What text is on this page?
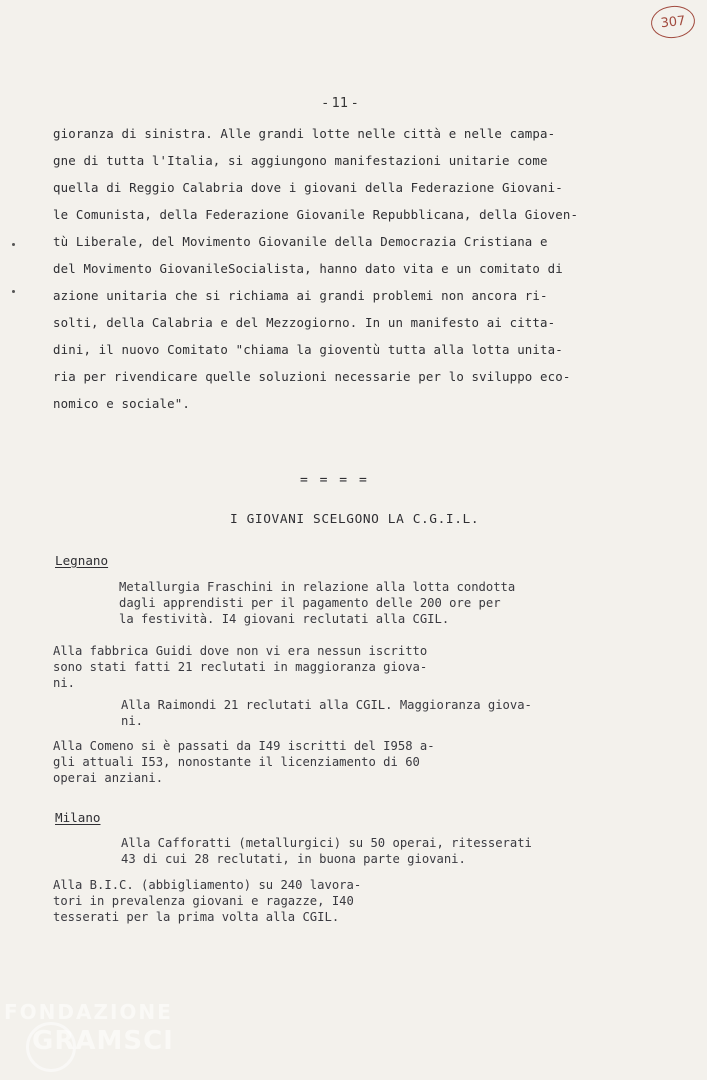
307
- 11 -
gioranza di sinistra. Alle grandi lotte nelle città e nelle campa-
gne di tutta l'Italia, si aggiungono manifestazioni unitarie come
quella di Reggio Calabria dove i giovani della Federazione Giovani-
le Comunista, della Federazione Giovanile Repubblicana, della Gioven-
tù Liberale, del Movimento Giovanile della Democrazia Cristiana e
del Movimento GiovanileSocialista, hanno dato vita e un comitato di
azione unitaria che si richiama ai grandi problemi non ancora ri-
solti, della Calabria e del Mezzogiorno. In un manifesto ai citta-
dini, il nuovo Comitato "chiama la gioventù tutta alla lotta unita-
ria per rivendicare quelle soluzioni necessarie per lo sviluppo eco-
nomico e sociale".
= = = =
I GIOVANI SCELGONO LA C.G.I.L.
Legnano
Metallurgia Fraschini in relazione alla lotta condotta
dagli apprendisti per il pagamento delle 200 ore per
la festività. I4 giovani reclutati alla CGIL.
Alla fabbrica Guidi dove non vi era nessun iscritto
sono stati fatti 21 reclutati in maggioranza giova-
ni.
Alla Raimondi 21 reclutati alla CGIL. Maggioranza giova-
ni.
Alla Comeno si è passati da I49 iscritti del I958 a-
gli attuali I53, nonostante il licenziamento di 60
operai anziani.
Milano
Alla Cafforatti (metallurgici) su 50 operai, ritesserati
43 di cui 28 reclutati, in buona parte giovani.
Alla B.I.C. (abbigliamento) su 240 lavora-
tori in prevalenza giovani e ragazze, I40
tesserati per la prima volta alla CGIL.
FONDAZIONE
GRAMSCI
